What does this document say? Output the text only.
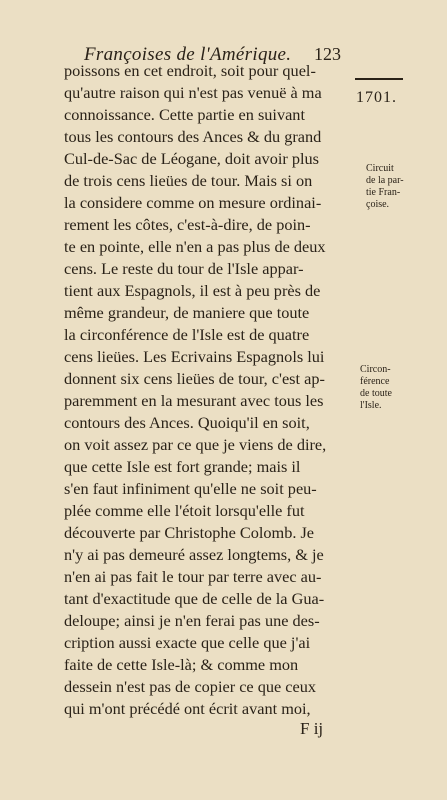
Françoises de l'Amérique.	123
1701.
poissons en cet endroit, soit pour quel-
qu'autre raison qui n'est pas venuë à ma
connoissance. Cette partie en suivant
tous les contours des Ances & du grand
Cul-de-Sac de Léogane, doit avoir plus
de trois cens lieües de tour. Mais si on
la considere comme on mesure ordinai-
rement les côtes, c'est-à-dire, de poin-
te en pointe, elle n'en a pas plus de deux
cens. Le reste du tour de l'Isle appar-
tient aux Espagnols, il est à peu près de
même grandeur, de maniere que toute
la circonférence de l'Isle est de quatre
cens lieües. Les Ecrivains Espagnols lui
donnent six cens lieües de tour, c'est ap-
paremment en la mesurant avec tous les
contours des Ances. Quoiqu'il en soit,
on voit assez par ce que je viens de dire,
que cette Isle est fort grande; mais il
s'en faut infiniment qu'elle ne soit peu-
plée comme elle l'étoit lorsqu'elle fut
découverte par Christophe Colomb. Je
n'y ai pas demeuré assez longtems, & je
n'en ai pas fait le tour par terre avec au-
tant d'exactitude que de celle de la Gua-
deloupe; ainsi je n'en ferai pas une des-
cription aussi exacte que celle que j'ai
faite de cette Isle-là; & comme mon
dessein n'est pas de copier ce que ceux
qui m'ont précédé ont écrit avant moi,
Circuit
de la par-
tie Fran-
çoise.
Circon-
férence
de toute
l'Isle.
F ij
